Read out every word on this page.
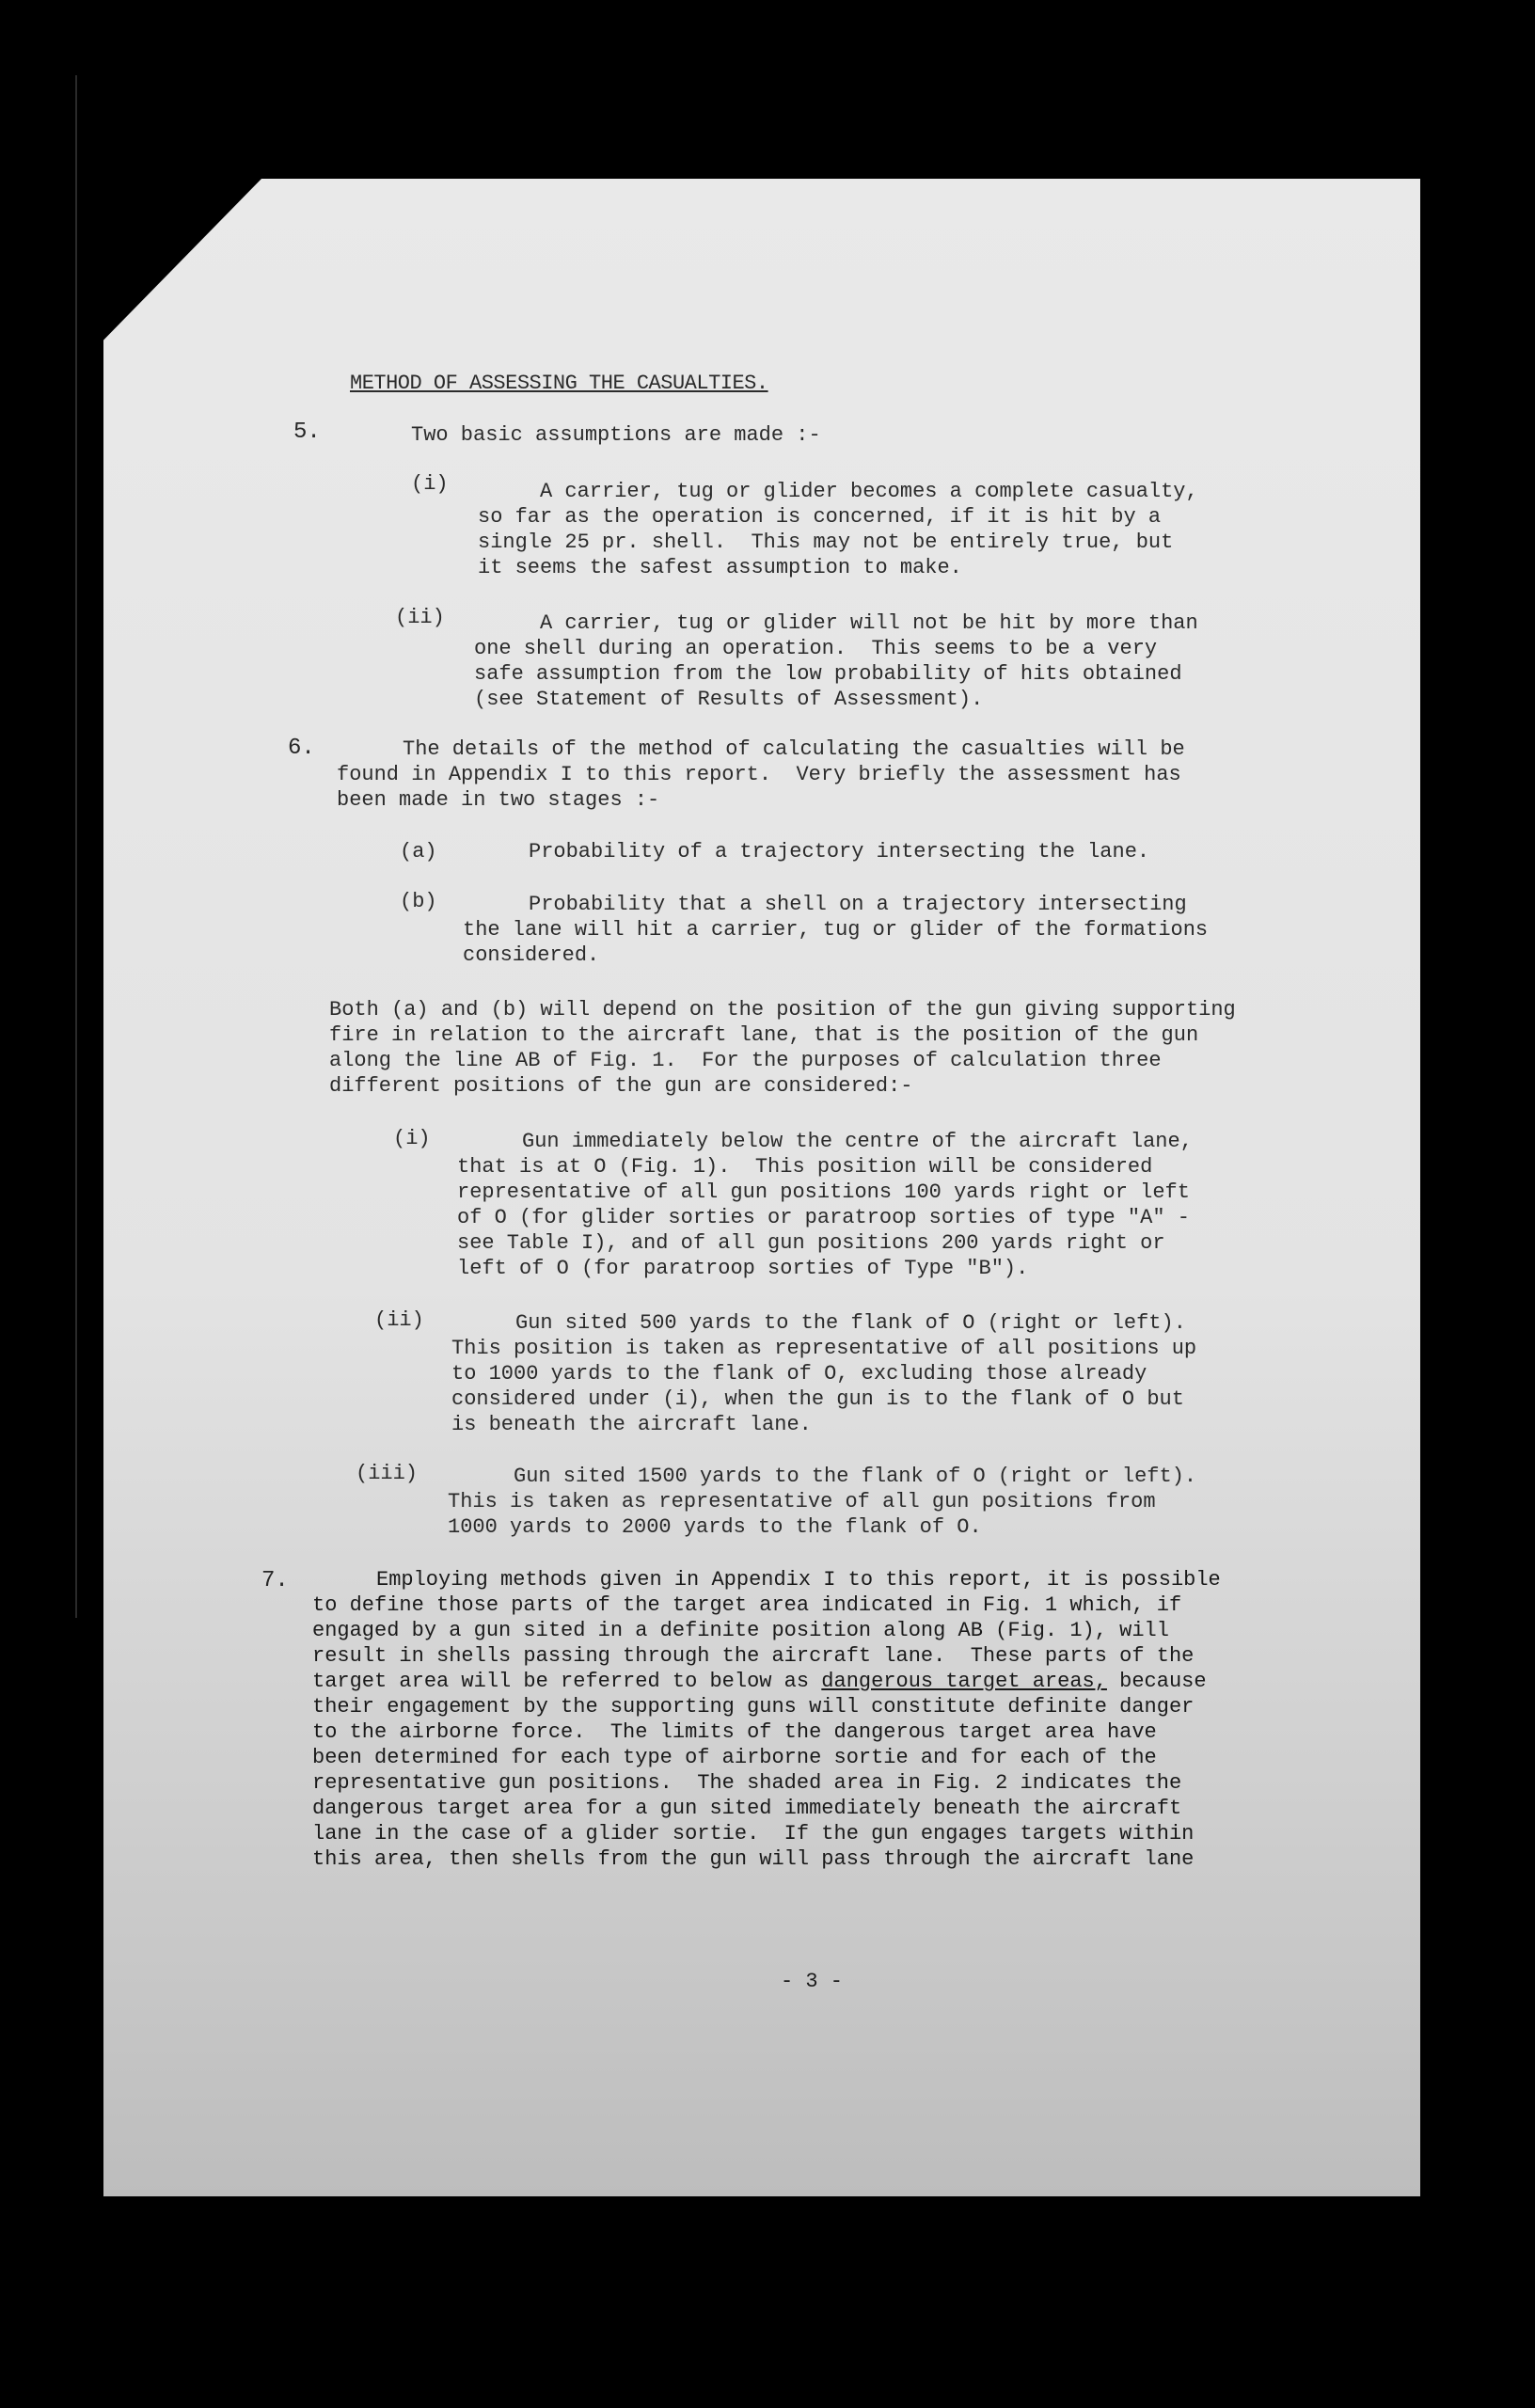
METHOD OF ASSESSING THE CASUALTIES.
5.	Two basic assumptions are made :-
(i)	A carrier, tug or glider becomes a complete casualty,
so far as the operation is concerned, if it is hit by a
single 25 pr. shell.  This may not be entirely true, but
it seems the safest assumption to make.
(ii)	A carrier, tug or glider will not be hit by more than
one shell during an operation.  This seems to be a very
safe assumption from the low probability of hits obtained
(see Statement of Results of Assessment).
6.	The details of the method of calculating the casualties will be
found in Appendix I to this report.  Very briefly the assessment has
been made in two stages :-
(a)	Probability of a trajectory intersecting the lane.
(b)	Probability that a shell on a trajectory intersecting
the lane will hit a carrier, tug or glider of the formations
considered.
Both (a) and (b) will depend on the position of the gun giving supporting
fire in relation to the aircraft lane, that is the position of the gun
along the line AB of Fig. 1.  For the purposes of calculation three
different positions of the gun are considered:-
(i)	Gun immediately below the centre of the aircraft lane,
that is at O (Fig. 1).  This position will be considered
representative of all gun positions 100 yards right or left
of O (for glider sorties or paratroop sorties of type "A" -
see Table I), and of all gun positions 200 yards right or
left of O (for paratroop sorties of Type "B").
(ii)	Gun sited 500 yards to the flank of O (right or left).
This position is taken as representative of all positions up
to 1000 yards to the flank of O, excluding those already
considered under (i), when the gun is to the flank of O but
is beneath the aircraft lane.
(iii)	Gun sited 1500 yards to the flank of O (right or left).
This is taken as representative of all gun positions from
1000 yards to 2000 yards to the flank of O.
7.	Employing methods given in Appendix I to this report, it is possible
to define those parts of the target area indicated in Fig. 1 which, if
engaged by a gun sited in a definite position along AB (Fig. 1), will
result in shells passing through the aircraft lane.  These parts of the
target area will be referred to below as dangerous target areas, because
their engagement by the supporting guns will constitute definite danger
to the airborne force.  The limits of the dangerous target area have
been determined for each type of airborne sortie and for each of the
representative gun positions.  The shaded area in Fig. 2 indicates the
dangerous target area for a gun sited immediately beneath the aircraft
lane in the case of a glider sortie.  If the gun engages targets within
this area, then shells from the gun will pass through the aircraft lane
- 3 -
